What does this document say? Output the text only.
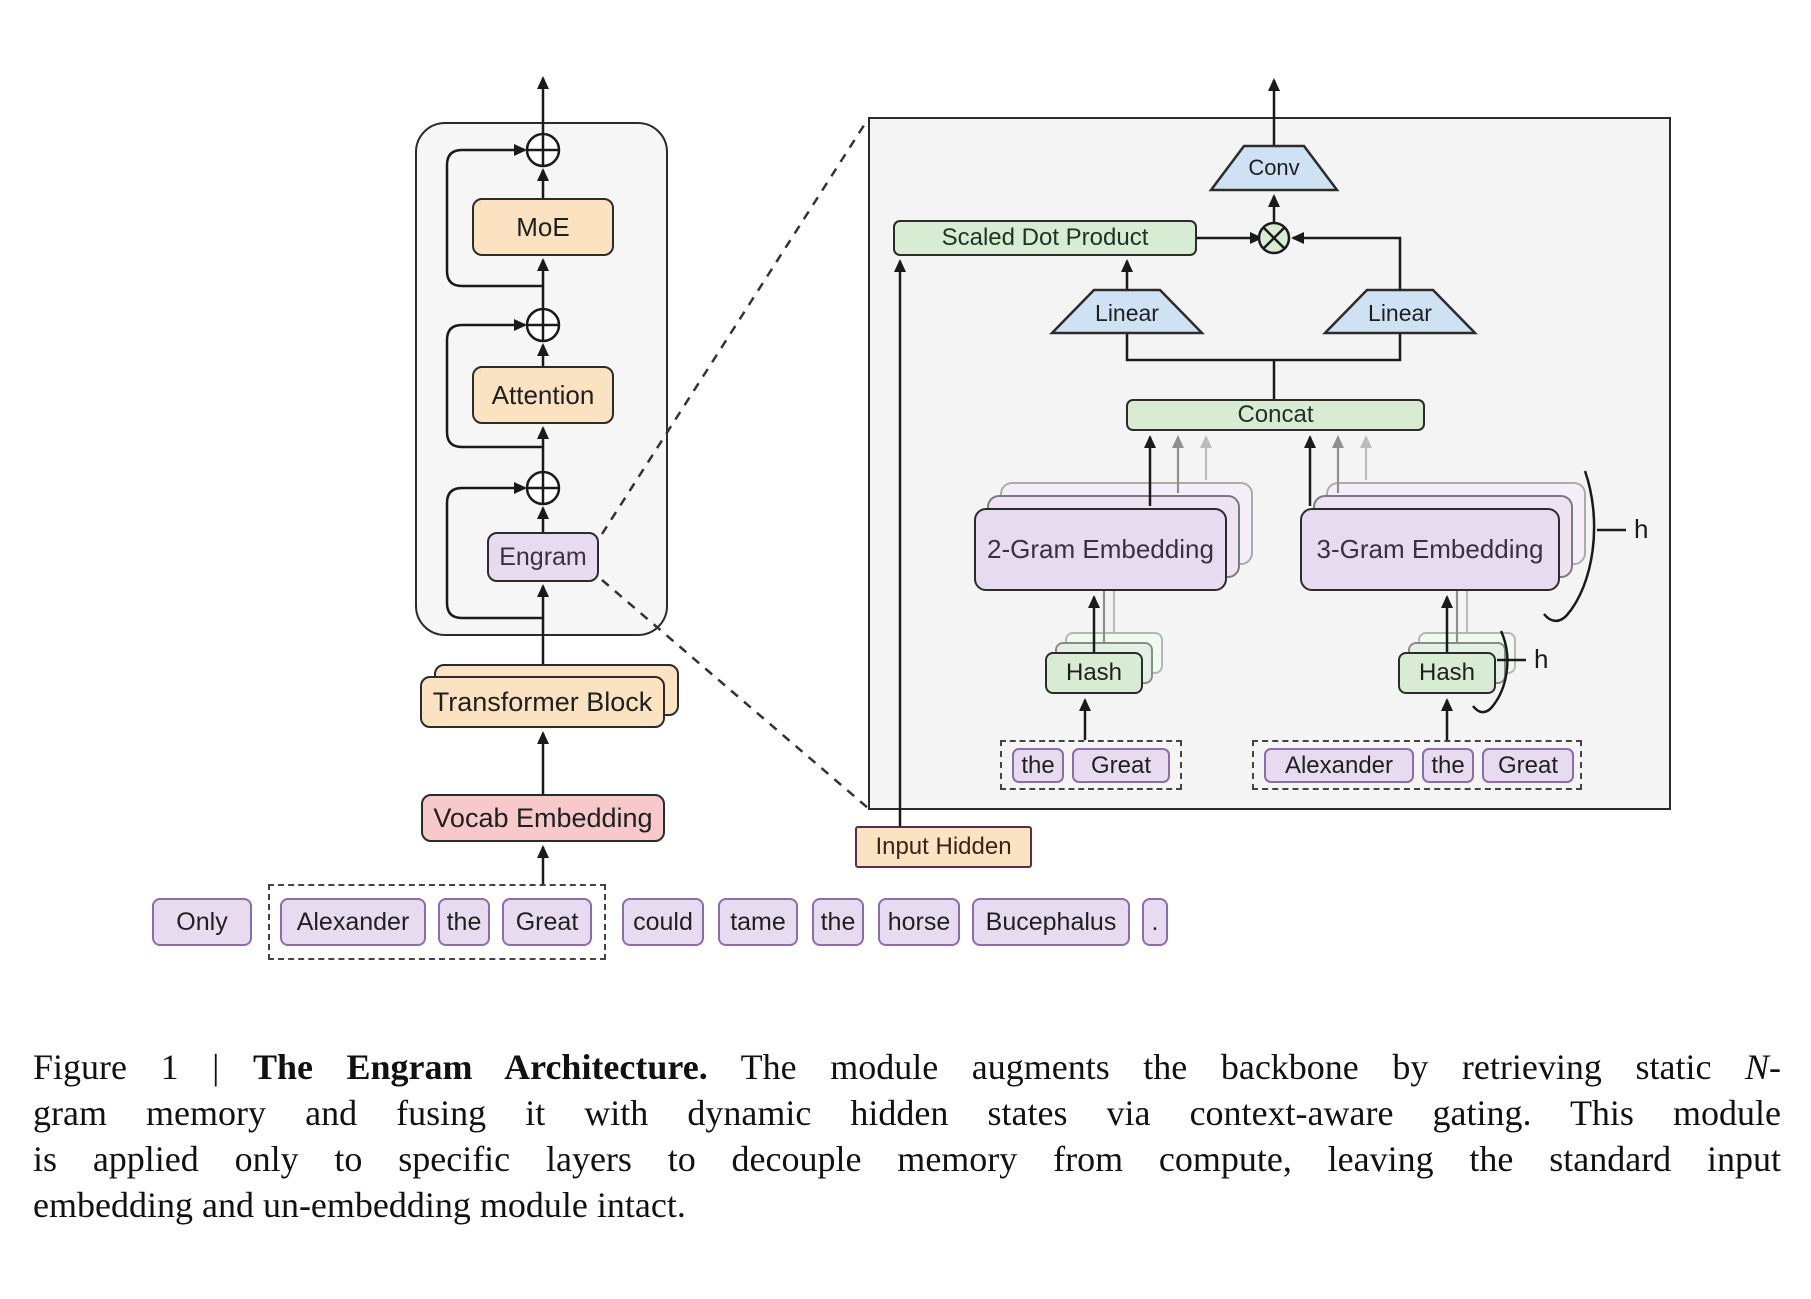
MoE
Attention
Engram
Transformer Block
Vocab Embedding
Only	Alexander the Great could tame the horse Bucephalus .
Conv
Linear	Linear
Scaled Dot Product
Concat
2-Gram Embedding	3-Gram Embedding
Hash	Hash
h
h
the Great	Alexander the Great
Input Hidden
Figure 1 | The Engram Architecture. The module augments the backbone by retrieving static N-
gram memory and fusing it with dynamic hidden states via context-aware gating. This module
is applied only to specific layers to decouple memory from compute, leaving the standard input
embedding and un-embedding module intact.
